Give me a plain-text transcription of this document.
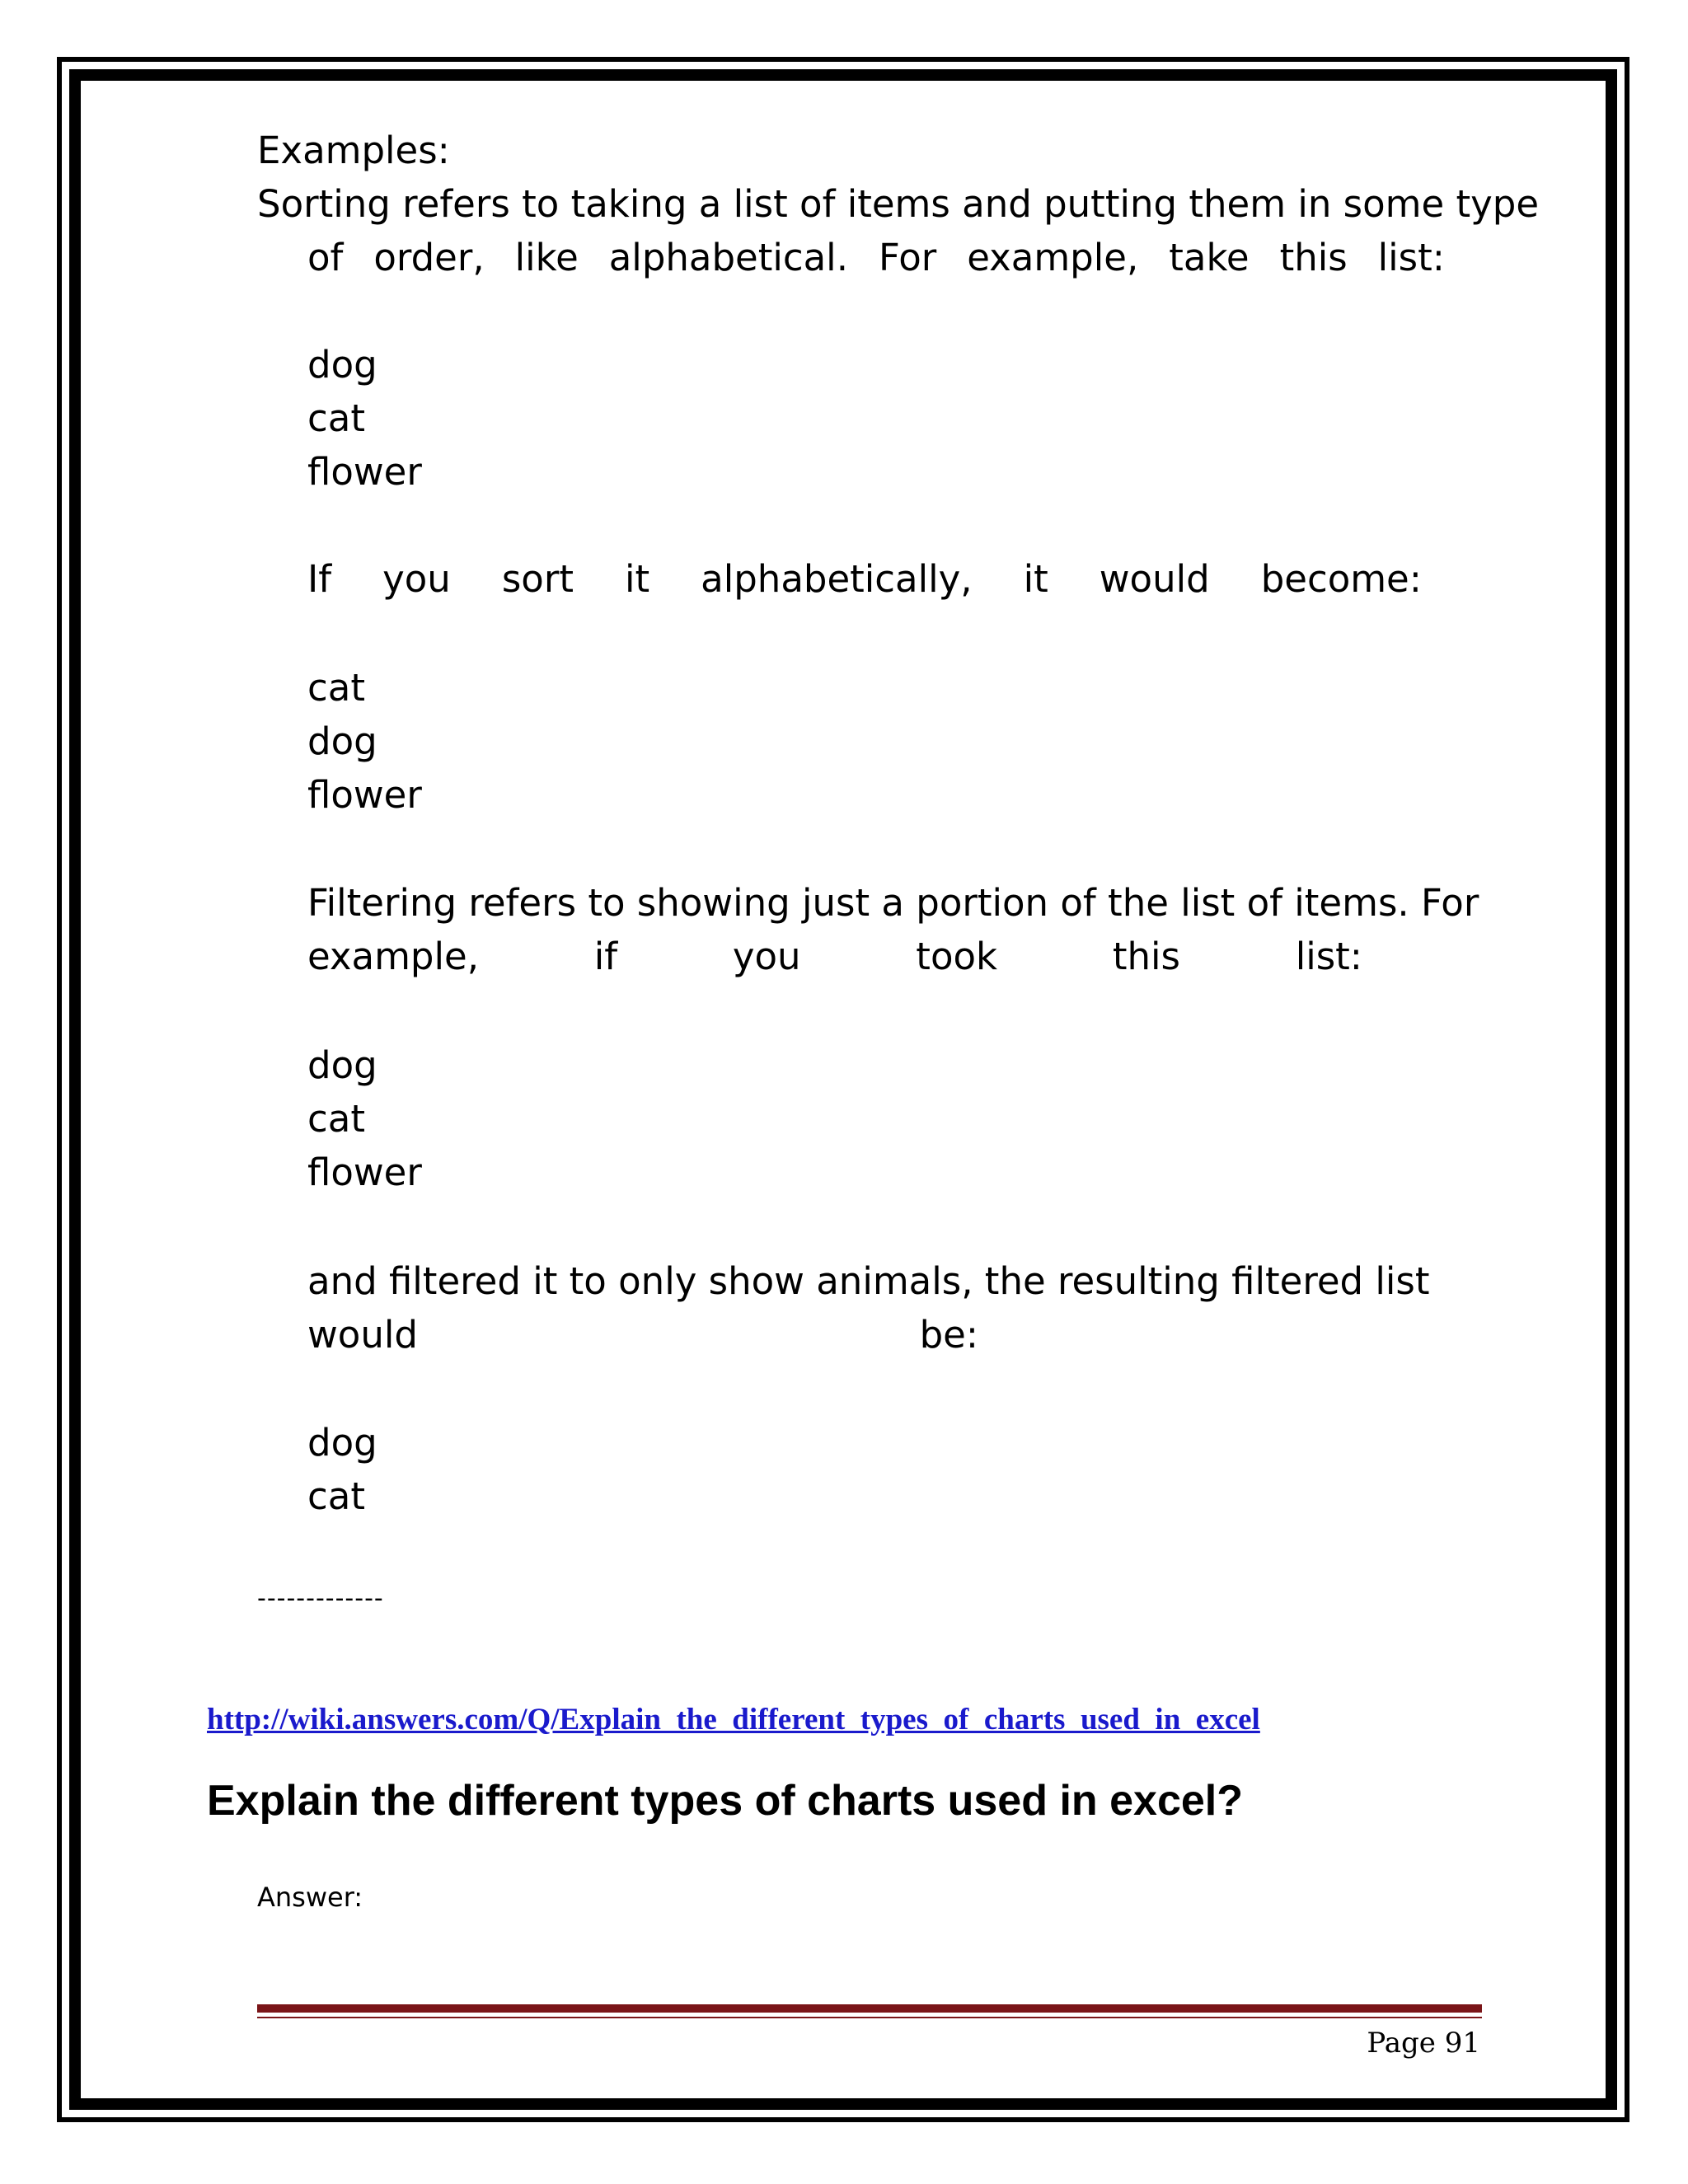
Examples:

Sorting refers to taking a list of items and putting them in some type

of order, like alphabetical. For example, take this list:
dog
cat
flower
If you sort it alphabetically, it would become:
cat
dog
flower

Filtering refers to showing just a portion of the list of items. For

example,	if	you	took	this	list:
dog
cat
flower

and filtered it to only show animals, the resulting filtered list

would	be:
dog
cat
-------------
http://wiki.answers.com/Q/Explain_the_different_types_of_charts_used_in_excel
Explain the different types of charts used in excel?
Answer:
Page 91
